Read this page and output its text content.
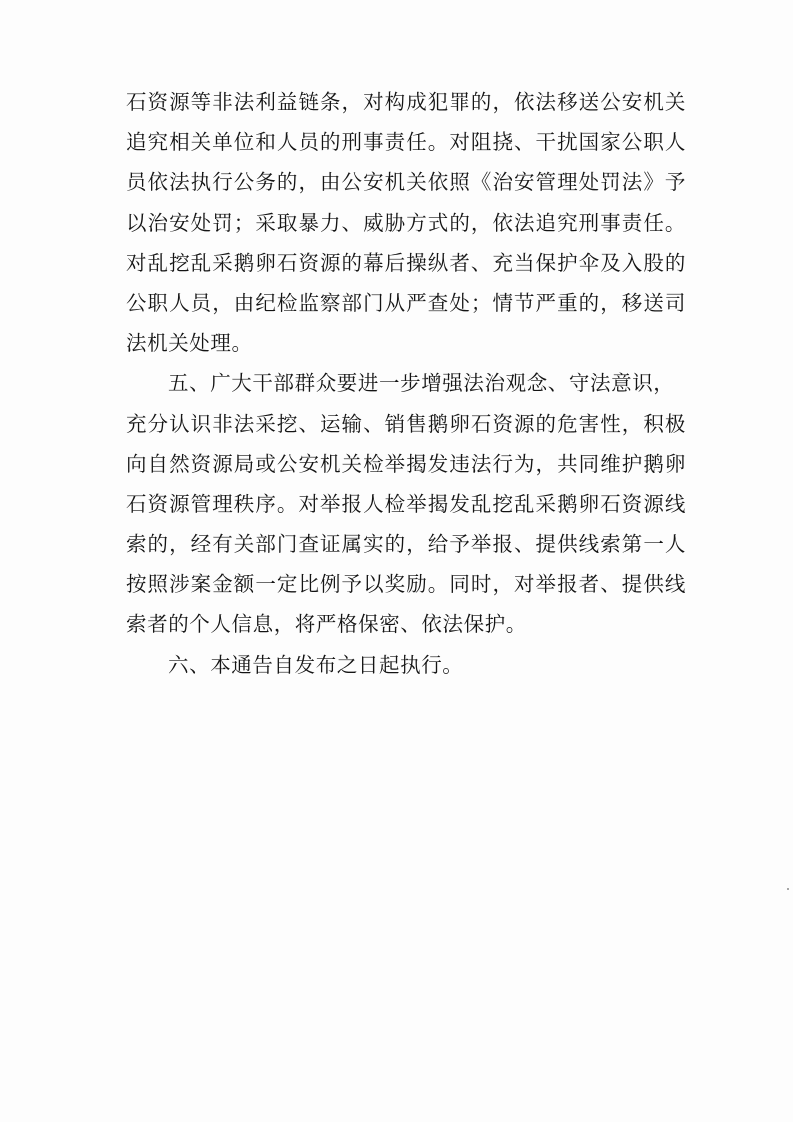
石资源等非法利益链条，对构成犯罪的，依法移送公安机关
追究相关单位和人员的刑事责任。对阻挠、干扰国家公职人
员依法执行公务的，由公安机关依照《治安管理处罚法》予
以治安处罚；采取暴力、威胁方式的，依法追究刑事责任。
对乱挖乱采鹅卵石资源的幕后操纵者、充当保护伞及入股的
公职人员，由纪检监察部门从严查处；情节严重的，移送司
法机关处理。
五、广大干部群众要进一步增强法治观念、守法意识，
充分认识非法采挖、运输、销售鹅卵石资源的危害性，积极
向自然资源局或公安机关检举揭发违法行为，共同维护鹅卵
石资源管理秩序。对举报人检举揭发乱挖乱采鹅卵石资源线
索的，经有关部门查证属实的，给予举报、提供线索第一人
按照涉案金额一定比例予以奖励。同时，对举报者、提供线
索者的个人信息，将严格保密、依法保护。
六、本通告自发布之日起执行。
